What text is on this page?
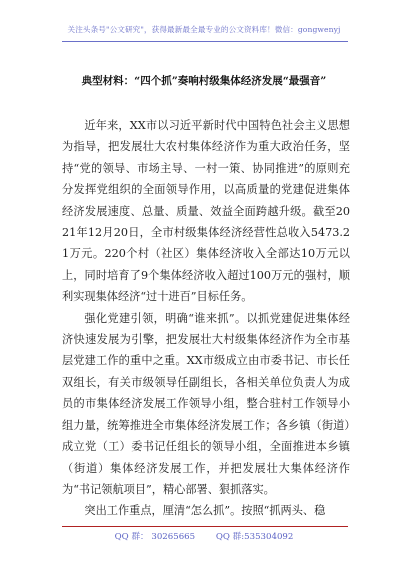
关注头条号"公文研究"，获得最新最全最专业的公文资料库！微信：gongwenyj
典型材料：“四个抓”奏响村级集体经济发展“最强音”

近年来，XX市以习近平新时代中国特色社会主义思想为指导，把发展壮大农村集体经济作为重大政治任务，坚持“党的领导、市场主导、一村一策、协同推进”的原则充分发挥党组织的全面领导作用，以高质量的党建促进集体经济发展速度、总量、质量、效益全面跨越升级。截至2021年12月20日，全市村级集体经济经营性总收入5473.21万元。220个村（社区）集体经济收入全部达10万元以上，同时培育了9个集体经济收入超过100万元的强村，顺利实现集体经济“过十进百”目标任务。

强化党建引领，明确“谁来抓”。以抓党建促进集体经济快速发展为引擎，把发展壮大村级集体经济作为全市基层党建工作的重中之重。XX市级成立由市委书记、市长任双组长，有关市级领导任副组长，各相关单位负责人为成员的市集体经济发展工作领导小组，整合驻村工作领导小组力量，统筹推进全市集体经济发展工作；各乡镇（街道）成立党（工）委书记任组长的领导小组，全面推进本乡镇（街道）集体经济发展工作，并把发展壮大集体经济作为“书记领航项目”，精心部署、狠抓落实。

突出工作重点，厘清“怎么抓”。按照“抓两头、稳

QQ 群： 30265665 QQ 群:535304092
